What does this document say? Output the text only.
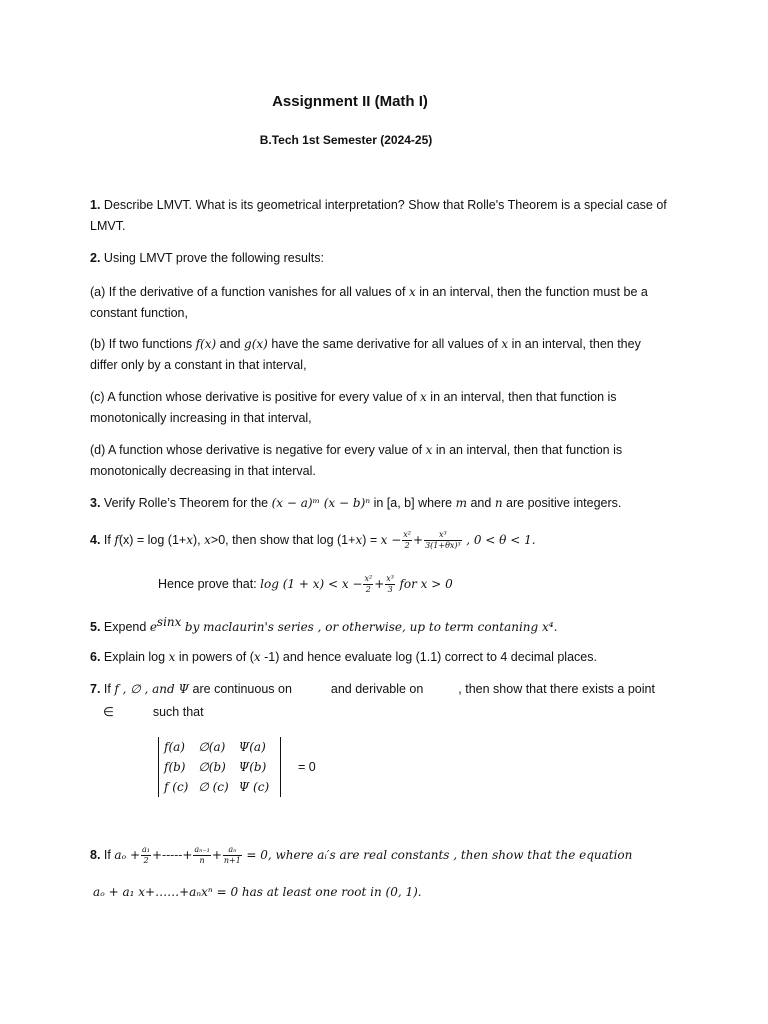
Assignment II (Math I)
B.Tech 1st Semester (2024-25)
1. Describe LMVT. What is its geometrical interpretation? Show that Rolle's Theorem is a special case of
LMVT.
2. Using LMVT prove the following results:
(a) If the derivative of a function vanishes for all values of x in an interval, then the function must be a
constant function,
(b) If two functions f(x) and g(x) have the same derivative for all values of x in an interval, then they
differ only by a constant in that interval,
(c) A function whose derivative is positive for every value of x in an interval, then that function is
monotonically increasing in that interval,
(d) A function whose derivative is negative for every value of x in an interval, then that function is
monotonically decreasing in that interval.
3. Verify Rolle’s Theorem for the (x − a)ᵐ (x − b)ⁿ in [a, b] where m and n are positive integers.
4. If f(x) = log (1+x), x>0, then show that $\log (1+x) = x - \frac{\text{x²}}{2} + \frac{\text{x³}}{\text{3(1+θx)³}}$ , 0 < θ < 1.
Hence prove that: $\log (1 + x) < x - \frac{\text{x²}}{2} + \frac{\text{x³}}{3}$ for x > 0
5. Expend $e^{sinx}$ by maclaurin's series , or otherwise, up to term contaning x⁴.
6. Explain log x in powers of (x -1) and hence evaluate log (1.1) correct to 4 decimal places.
7. If f , ∅ , and Ψ are continuous on	and derivable on	, then show that there exists a point
∈	such that
f(a)	∅(a)	Ψ(a)
f(b)	∅(b)	Ψ(b)
f (c)	∅ (c)	Ψ (c)
= 0
8. If $a_o + \frac{\text{a₁}}{2}$ +-----+ $\frac{\text{aₙ₋₁}}{n} + \frac{\text{aₙ}}{n+1} = 0$, where aᵢ′s are real constants , then show that the equation
aₒ + a₁ x+……+aₙxⁿ = 0 has at least one root in (0, 1).
